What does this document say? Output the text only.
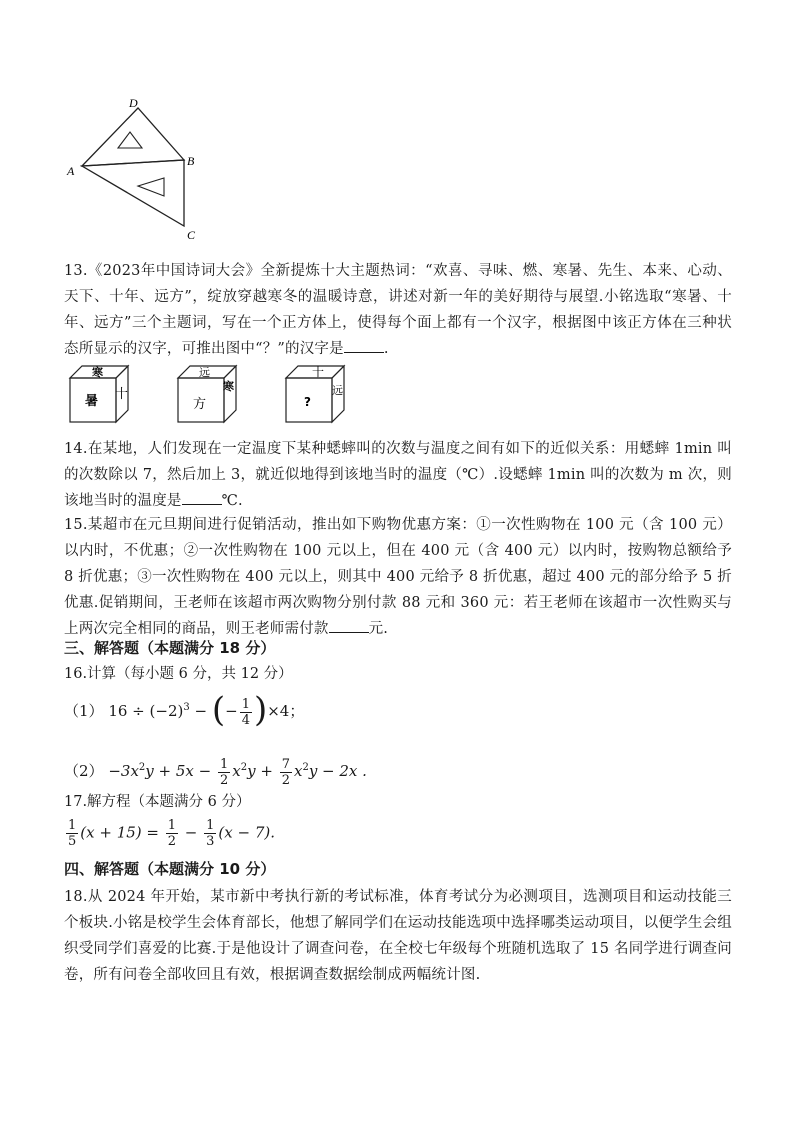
D
A
B
C
13.《2023年中国诗词大会》全新提炼十大主题热词：“欢喜、寻味、燃、寒暑、先生、本来、心动、天下、十年、远方”，绽放穿越寒冬的温暖诗意，讲述对新一年的美好期待与展望.小铭选取“寒暑、十年、远方”三个主题词，写在一个正方体上，使得每个面上都有一个汉字，根据图中该正方体在三种状态所显示的汉字，可推出图中“？”的汉字是	.
寒
暑 十
远
方
寒
十
?
远
14.在某地，人们发现在一定温度下某种蟋蟀叫的次数与温度之间有如下的近似关系：用蟋蟀 1min 叫的次数除以 7，然后加上 3，就近似地得到该地当时的温度（℃）.设蟋蟀 1min 叫的次数为 m 次，则该地当时的温度是	℃.
15.某超市在元旦期间进行促销活动，推出如下购物优惠方案：①一次性购物在 100 元（含 100 元）以内时，不优惠；②一次性购物在 100 元以上，但在 400 元（含 400 元）以内时，按购物总额给予 8 折优惠；③一次性购物在 400 元以上，则其中 400 元给予 8 折优惠，超过 400 元的部分给予 5 折优惠.促销期间，王老师在该超市两次购物分别付款 88 元和 360 元：若王老师在该超市一次性购买与上两次完全相同的商品，则王老师需付款	元.
三、解答题（本题满分 18 分）
16.计算（每小题 6 分，共 12 分）
（1） $16 \div (-2)^3$ − (− $\frac{1}{4} )\times 4$；
$(2) -3x^2y + 5x - \frac{1}{2} x^2y + \frac{7}{2} x^2y - 2x$ .
17.解方程（本题满分 6 分）
$\frac{1}{5} (x + 15) = \frac{1}{2} - \frac{1}{3} (x - 7)$.
四、解答题（本题满分 10 分）
18.从 2024 年开始，某市新中考执行新的考试标准，体育考试分为必测项目，选测项目和运动技能三个板块.小铭是校学生会体育部长，他想了解同学们在运动技能选项中选择哪类运动项目，以便学生会组织受同学们喜爱的比赛.于是他设计了调查问卷，在全校七年级每个班随机选取了 15 名同学进行调查问卷，所有问卷全部收回且有效，根据调查数据绘制成两幅统计图.
